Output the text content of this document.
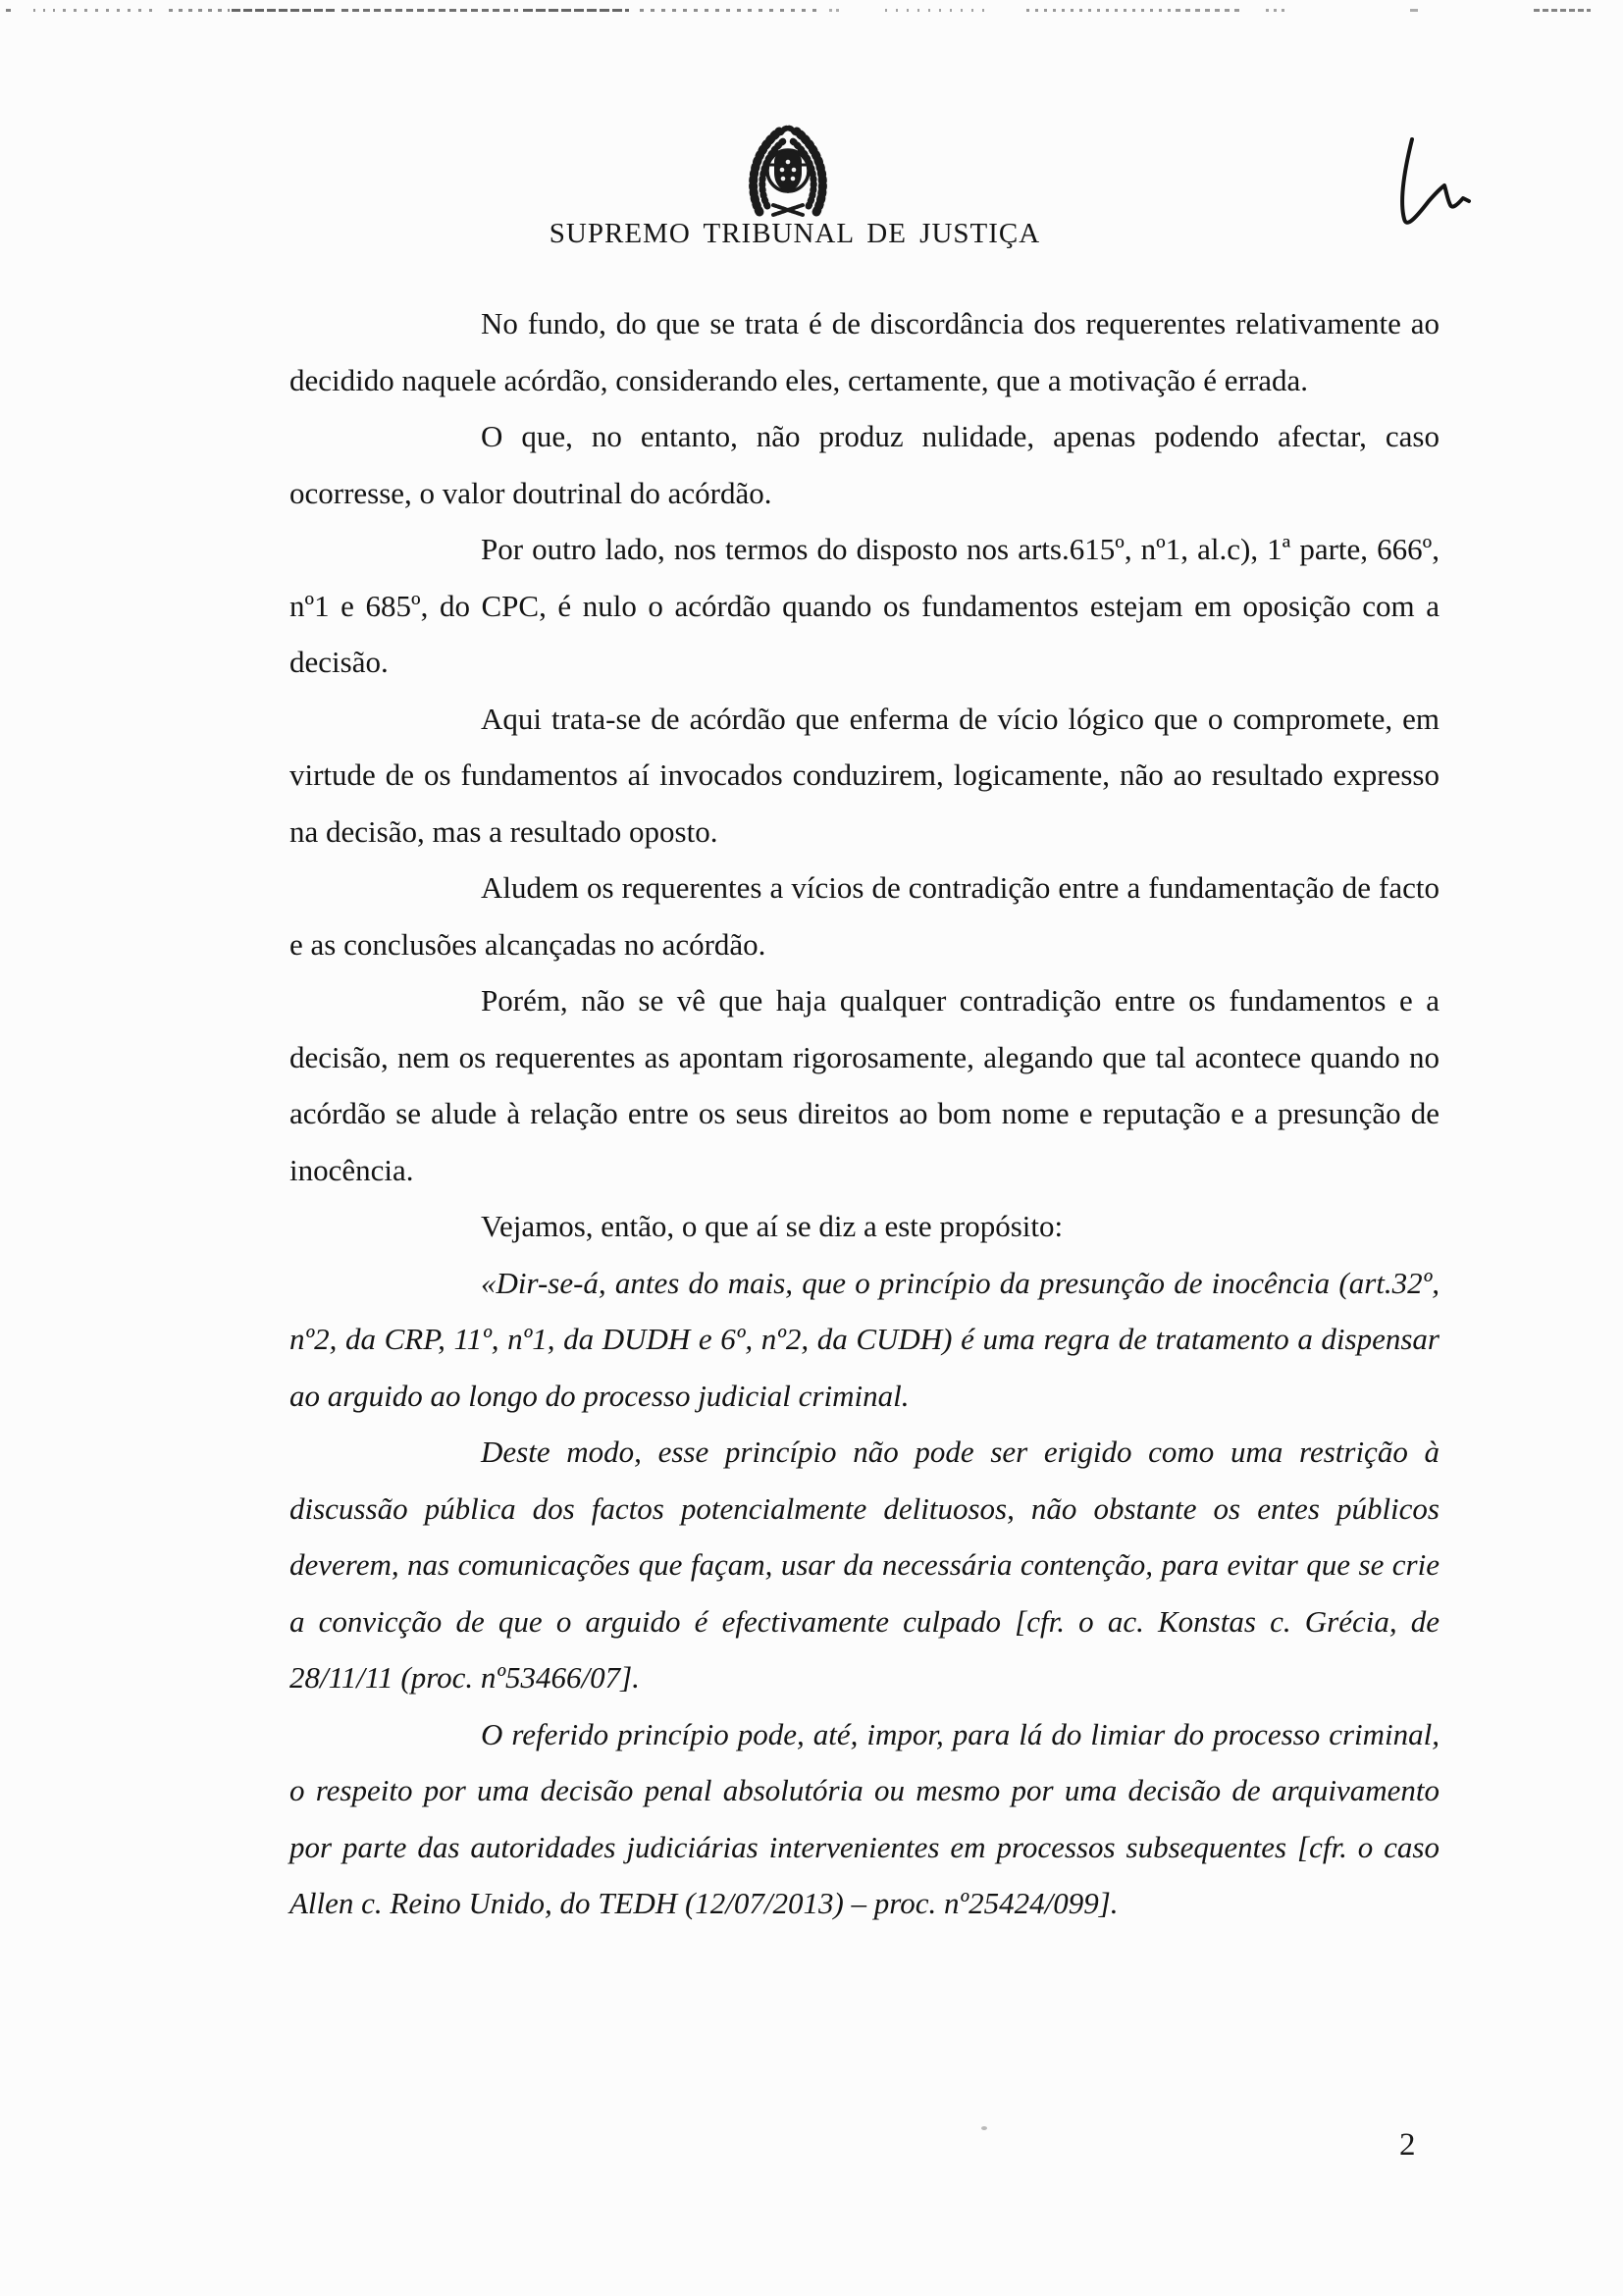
SUPREMO TRIBUNAL DE JUSTIÇA

No fundo, do que se trata é de discordância dos requerentes relativamente ao decidido naquele acórdão, considerando eles, certamente, que a motivação é errada.

O que, no entanto, não produz nulidade, apenas podendo afectar, caso ocorresse, o valor doutrinal do acórdão.

Por outro lado, nos termos do disposto nos arts.615º, nº1, al.c), 1ª parte, 666º, nº1 e 685º, do CPC, é nulo o acórdão quando os fundamentos estejam em oposição com a decisão.

Aqui trata-se de acórdão que enferma de vício lógico que o compromete, em virtude de os fundamentos aí invocados conduzirem, logicamente, não ao resultado expresso na decisão, mas a resultado oposto.

Aludem os requerentes a vícios de contradição entre a fundamentação de facto e as conclusões alcançadas no acórdão.

Porém, não se vê que haja qualquer contradição entre os fundamentos e a decisão, nem os requerentes as apontam rigorosamente, alegando que tal acontece quando no acórdão se alude à relação entre os seus direitos ao bom nome e reputação e a presunção de inocência.

Vejamos, então, o que aí se diz a este propósito:

«Dir-se-á, antes do mais, que o princípio da presunção de inocência (art.32º, nº2, da CRP, 11º, nº1, da DUDH e 6º, nº2, da CUDH) é uma regra de tratamento a dispensar ao arguido ao longo do processo judicial criminal.

Deste modo, esse princípio não pode ser erigido como uma restrição à discussão pública dos factos potencialmente delituosos, não obstante os entes públicos deverem, nas comunicações que façam, usar da necessária contenção, para evitar que se crie a convicção de que o arguido é efectivamente culpado [cfr. o ac. Konstas c. Grécia, de 28/11/11 (proc. nº53466/07].

O referido princípio pode, até, impor, para lá do limiar do processo criminal, o respeito por uma decisão penal absolutória ou mesmo por uma decisão de arquivamento por parte das autoridades judiciárias intervenientes em processos subsequentes [cfr. o caso Allen c. Reino Unido, do TEDH (12/07/2013) – proc. nº25424/099].

2
